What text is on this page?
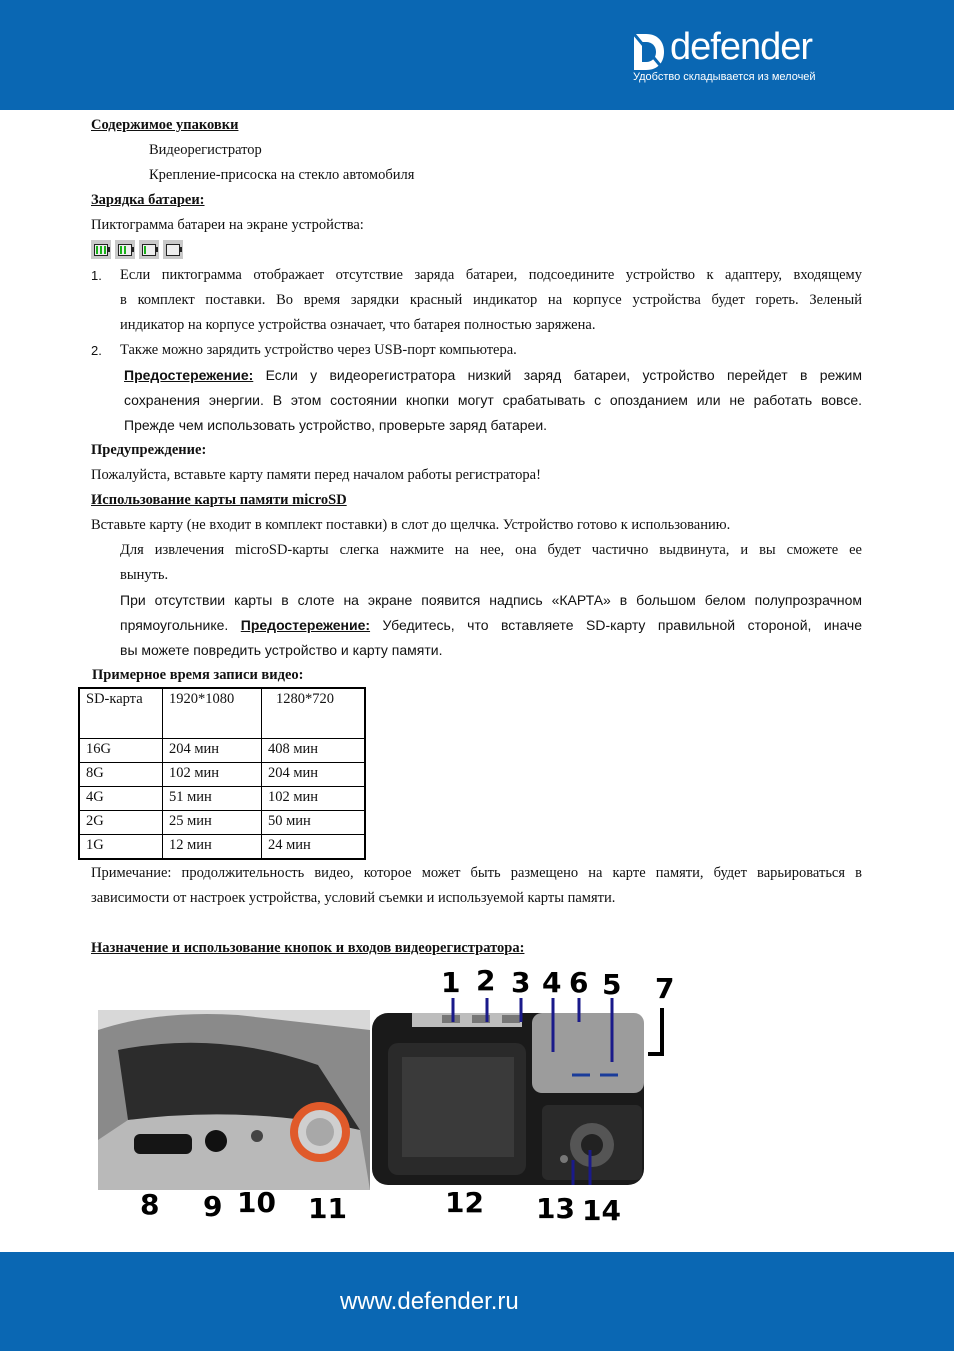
defender
Удобство складывается из мелочей
Содержимое упаковки
Видеорегистратор
Крепление-присоска на стекло автомобиля
Зарядка батареи:
Пиктограмма батареи на экране устройства:
1. Если пиктограмма отображает отсутствие заряда батареи, подсоедините устройство к адаптеру, входящему
в комплект поставки. Во время зарядки красный индикатор на корпусе устройства будет гореть. Зеленый
индикатор на корпусе устройства означает, что батарея полностью заряжена.
2. Также можно зарядить устройство через USB-порт компьютера.
Предостережение: Если у видеорегистратора низкий заряд батареи, устройство перейдет в режим
сохранения энергии. В этом состоянии кнопки могут срабатывать с опозданием или не работать вовсе.
Прежде чем использовать устройство, проверьте заряд батареи.
Предупреждение:
Пожалуйста, вставьте карту памяти перед началом работы регистратора!
Использование карты памяти microSD
Вставьте карту (не входит в комплект поставки) в слот до щелчка. Устройство готово к использованию.
Для извлечения microSD-карты слегка нажмите на нее, она будет частично выдвинута, и вы сможете ее
вынуть.
При отсутствии карты в слоте на экране появится надпись «КАРТА» в большом белом полупрозрачном
прямоугольнике. Предостережение: Убедитесь, что вставляете SD-карту правильной стороной, иначе
вы можете повредить устройство и карту памяти.
Примерное время записи видео:
SD-карта	1920*1080	1280*720
16G	204 мин	408 мин
8G	102 мин	204 мин
4G	51 мин	102 мин
2G	25 мин	50 мин
1G	12 мин	24 мин
Примечание: продолжительность видео, которое может быть размещено на карте памяти, будет варьироваться в
зависимости от настроек устройства, условий съемки и используемой карты памяти.
Назначение и использование кнопок и входов видеорегистратора:
1 2 3 4 6 5 7
8 9 10 11	12 13 14
www.defender.ru
